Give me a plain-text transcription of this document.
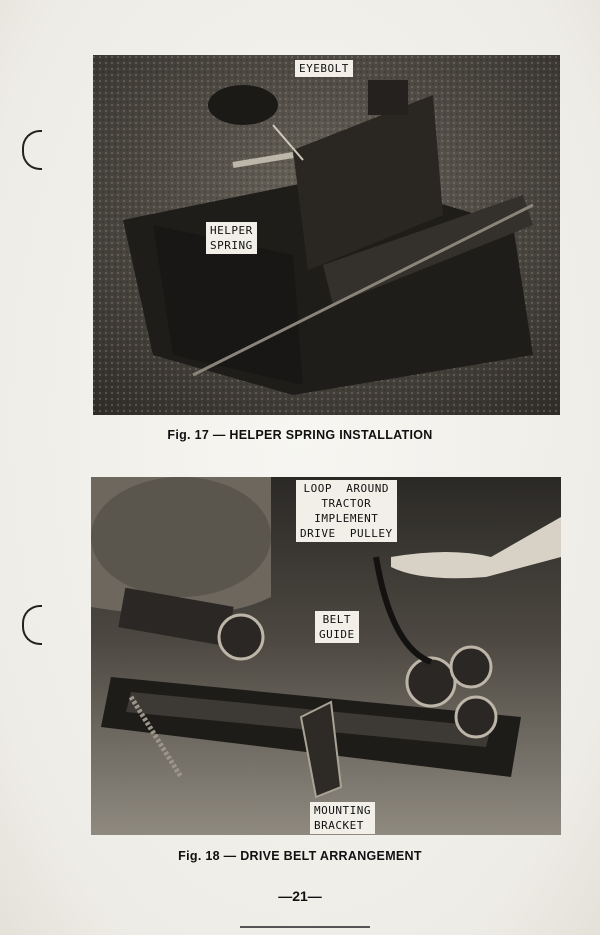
EYEBOLT
HELPER
SPRING
Fig. 17 — HELPER SPRING INSTALLATION
LOOP  AROUND
TRACTOR
IMPLEMENT
DRIVE  PULLEY
BELT
GUIDE
MOUNTING
BRACKET
Fig. 18 — DRIVE BELT ARRANGEMENT
—21—
